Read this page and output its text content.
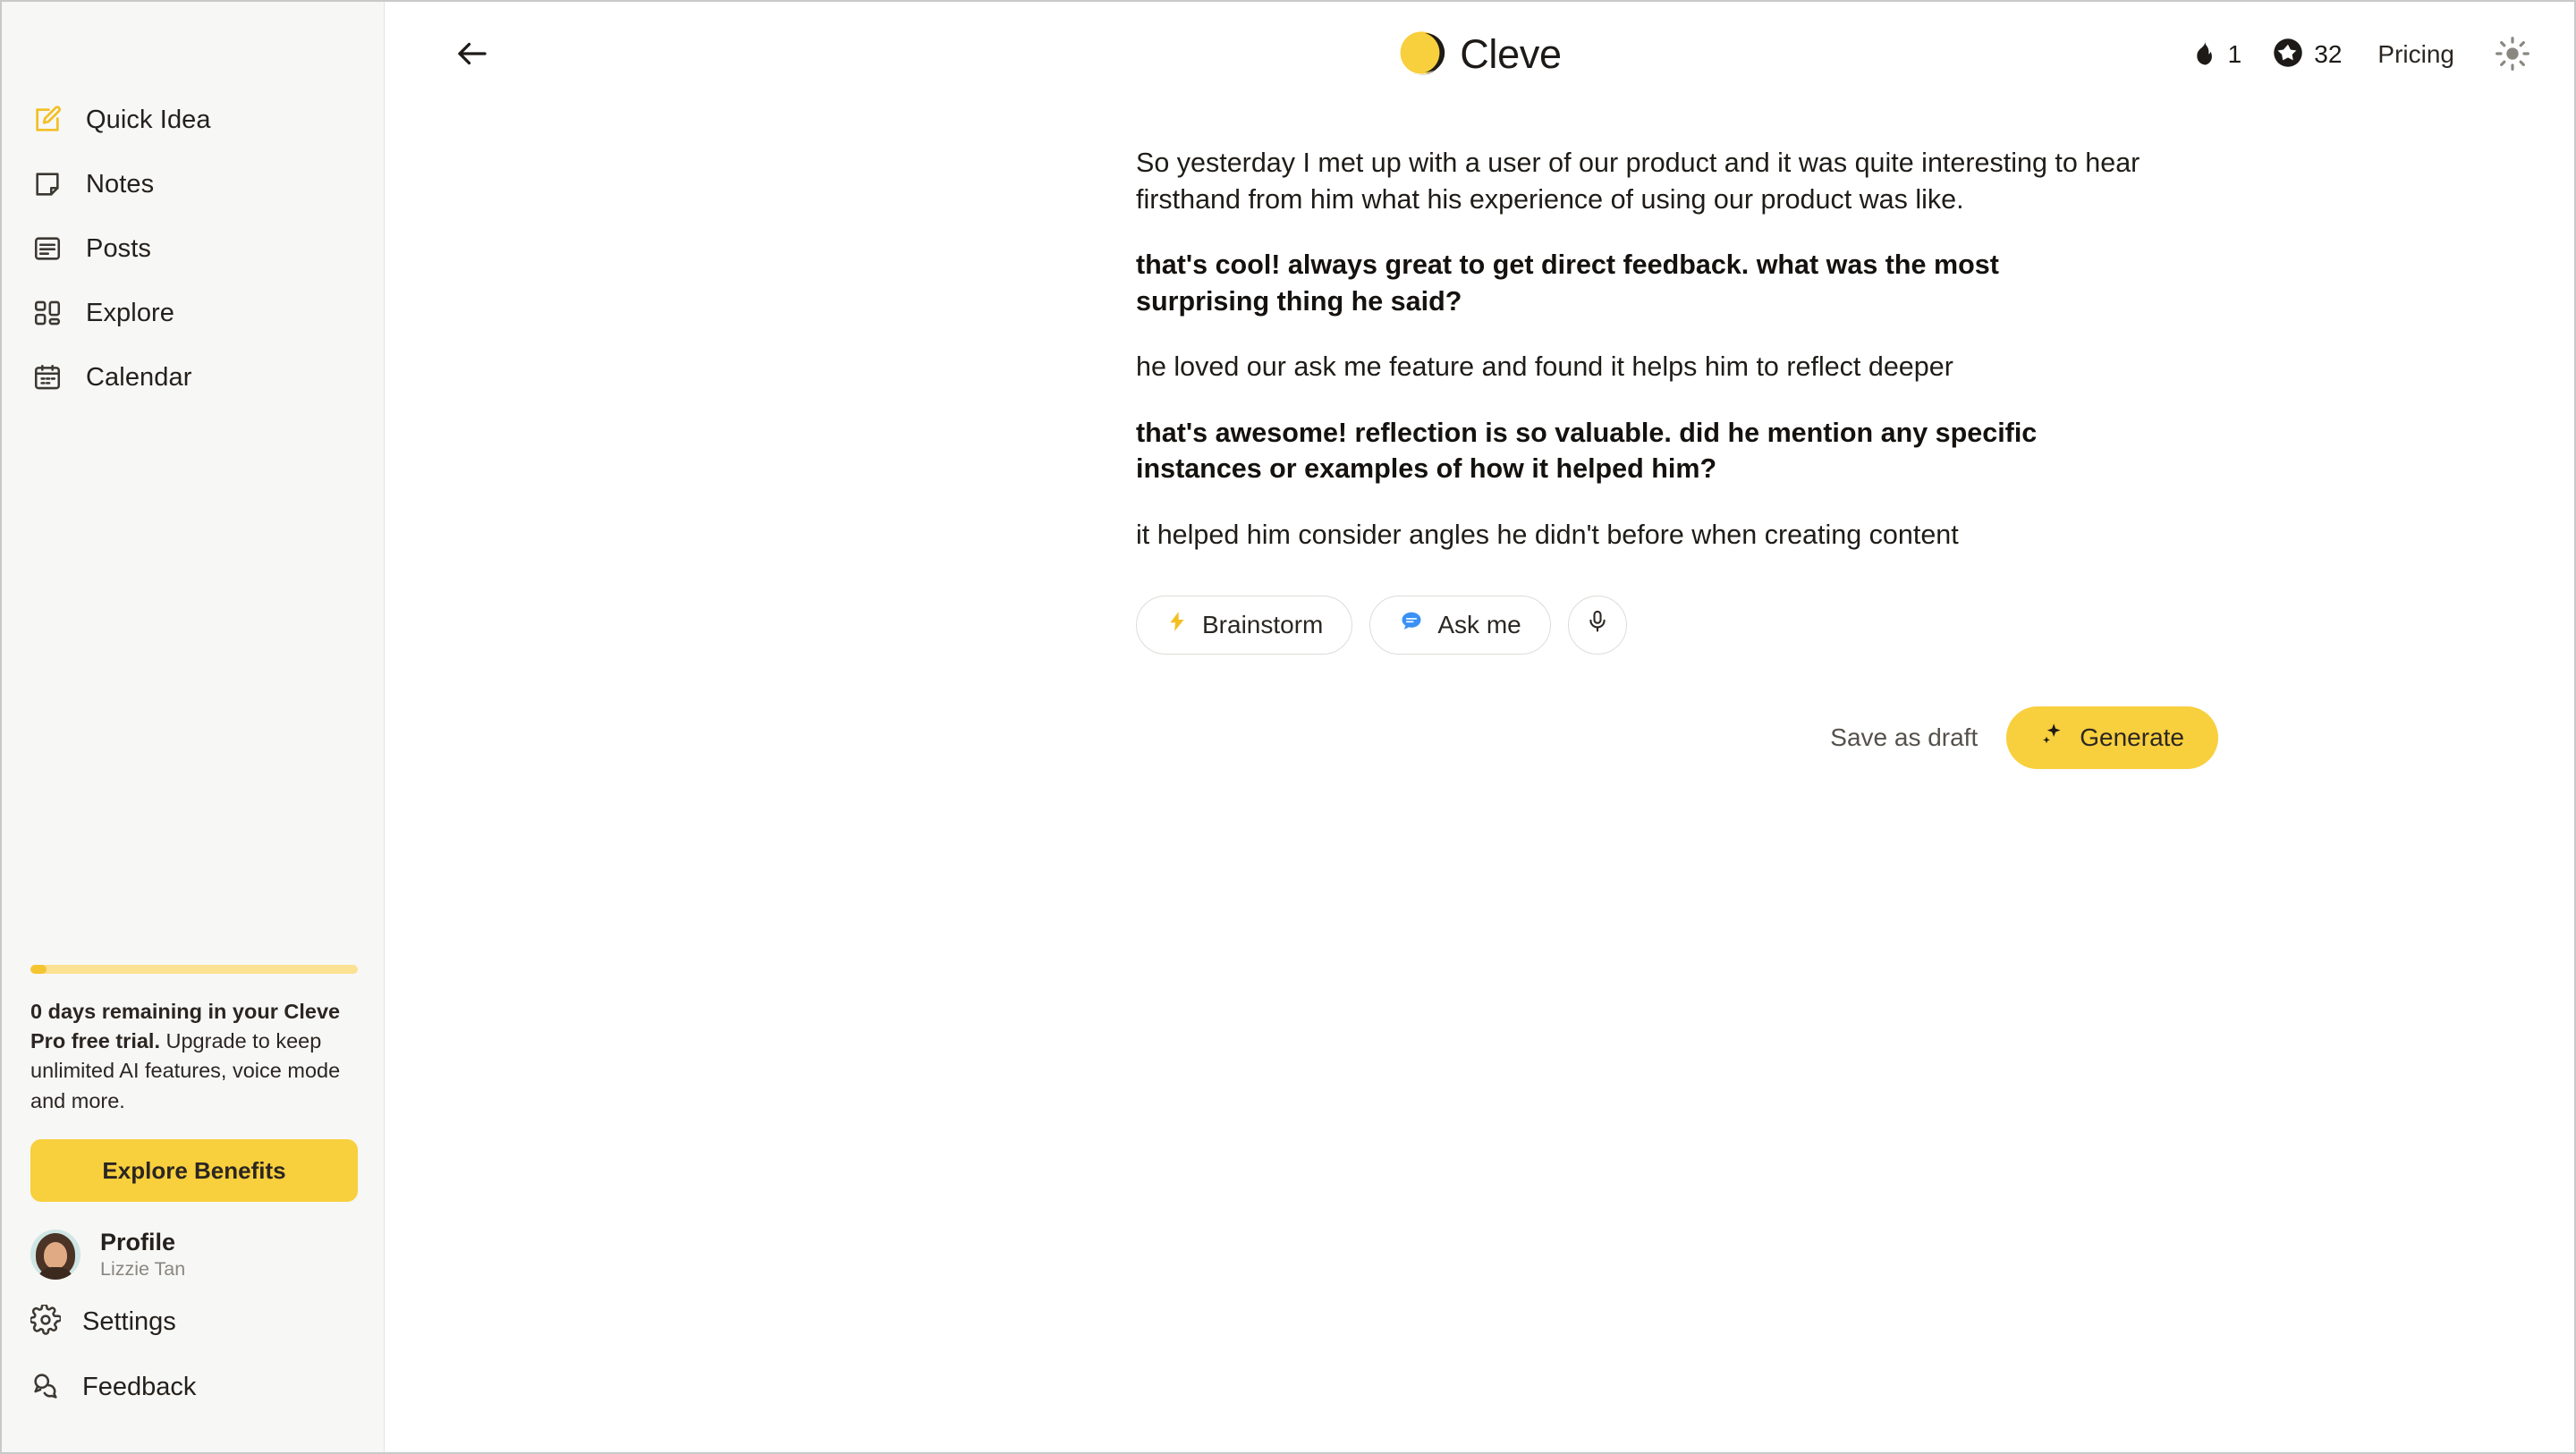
Quick Idea
Notes
Posts
Explore
Calendar
0 days remaining in your Cleve Pro free trial. Upgrade to keep unlimited AI features, voice mode and more.
Explore Benefits
Profile
Lizzie Tan
Settings
Feedback
Cleve	1	32 Pricing

So yesterday I met up with a user of our product and it was quite interesting to hear firsthand from him what his experience of using our product was like.

that's cool! always great to get direct feedback. what was the most surprising thing he said?

he loved our ask me feature and found it helps him to reflect deeper

that's awesome! reflection is so valuable. did he mention any specific instances or examples of how it helped him?

it helped him consider angles he didn't before when creating content

Brainstorm	Ask me
Save as draft	Generate
